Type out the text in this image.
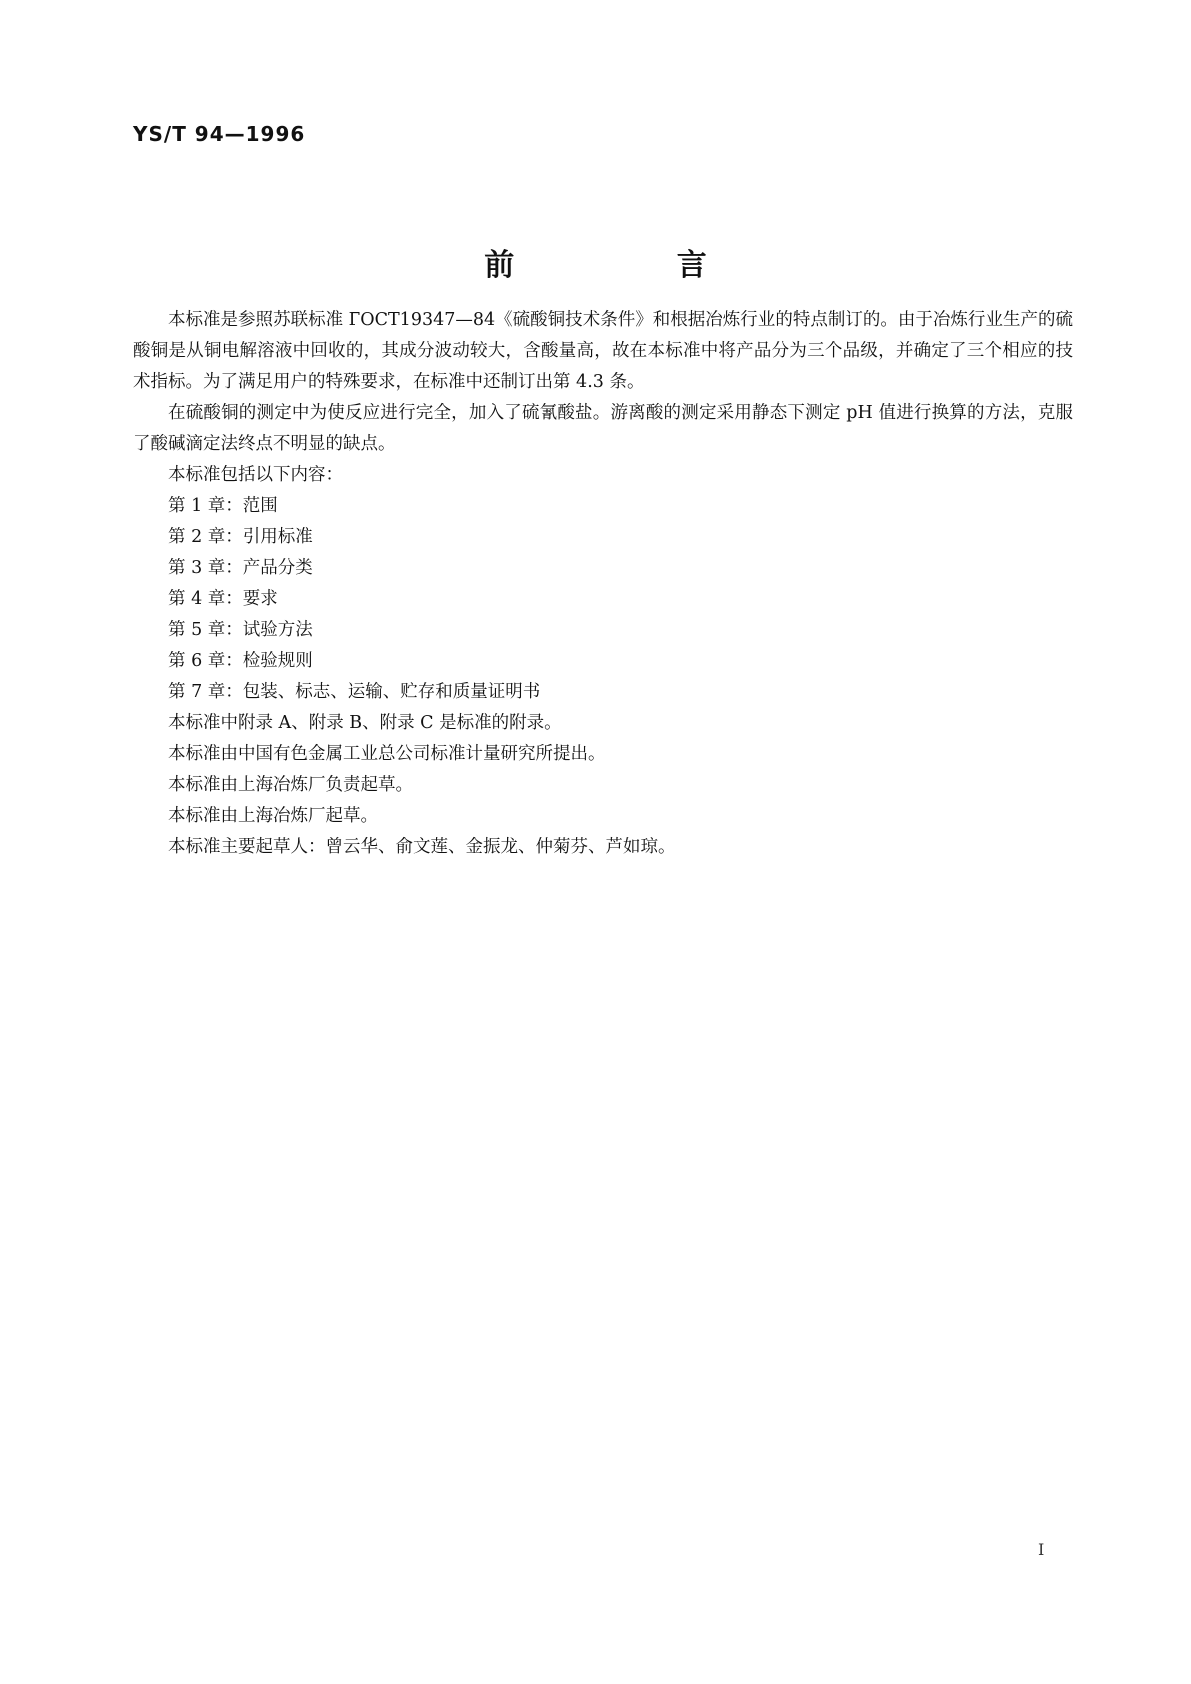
YS/T 94—1996
前 言

本标准是参照苏联标准 ГОСТ19347—84《硫酸铜技术条件》和根据冶炼行业的特点制订的。由于冶炼行业生产的硫酸铜是从铜电解溶液中回收的，其成分波动较大，含酸量高，故在本标准中将产品分为三个品级，并确定了三个相应的技术指标。为了满足用户的特殊要求，在标准中还制订出第 4.3 条。

在硫酸铜的测定中为使反应进行完全，加入了硫氰酸盐。游离酸的测定采用静态下测定 pH 值进行换算的方法，克服了酸碱滴定法终点不明显的缺点。

本标准包括以下内容：

第 1 章：范围

第 2 章：引用标准

第 3 章：产品分类

第 4 章：要求

第 5 章：试验方法

第 6 章：检验规则

第 7 章：包装、标志、运输、贮存和质量证明书

本标准中附录 A、附录 B、附录 C 是标准的附录。

本标准由中国有色金属工业总公司标准计量研究所提出。

本标准由上海冶炼厂负责起草。

本标准由上海冶炼厂起草。

本标准主要起草人：曾云华、俞文莲、金振龙、仲菊芬、芦如琼。

I
